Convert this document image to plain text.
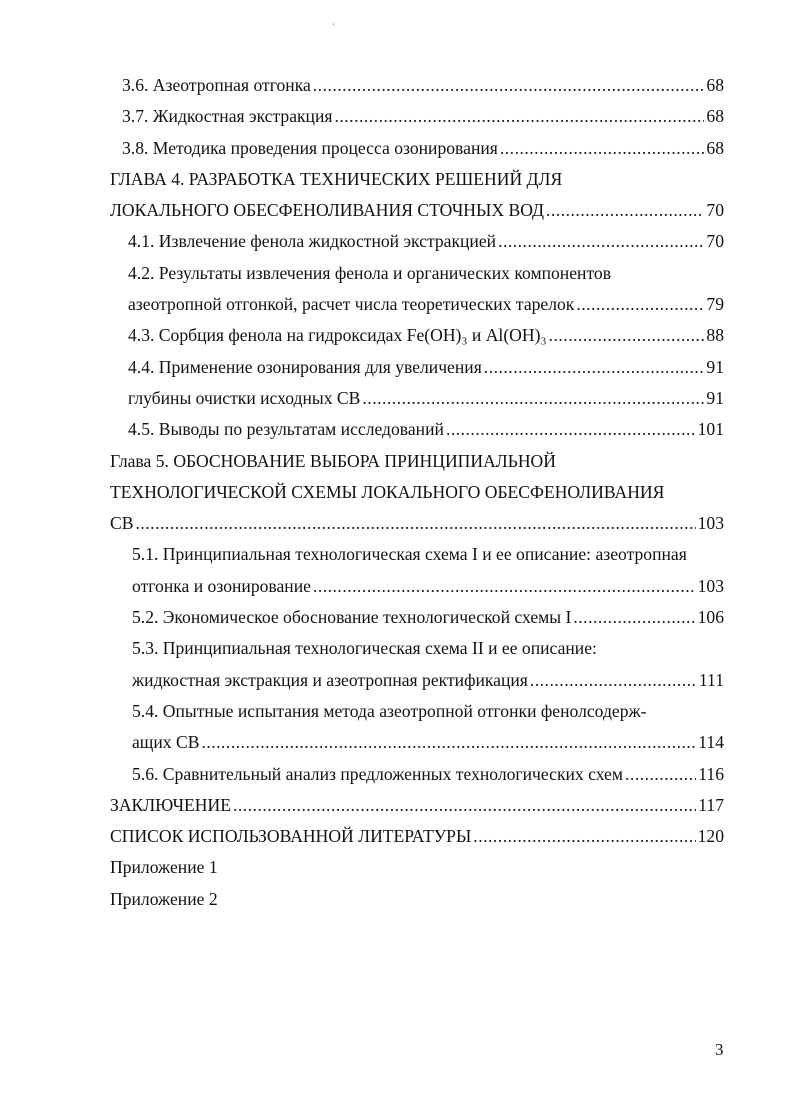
'
3.6. Азеотропная отгонка .....	68
3.7. Жидкостная экстракция .....	68
3.8. Методика проведения процесса озонирования .....	68
ГЛАВА 4. РАЗРАБОТКА ТЕХНИЧЕСКИХ РЕШЕНИЙ ДЛЯ
ЛОКАЛЬНОГО ОБЕСФЕНОЛИВАНИЯ СТОЧНЫХ ВОД .....	70
4.1. Извлечение фенола жидкостной экстракцией .....	70
4.2. Результаты извлечения фенола и органических компонентов
азеотропной отгонкой, расчет числа теоретических тарелок .....	79
4.3. Сорбция фенола на гидроксидах Fe(OH)₃ и Al(OH)₃ .....	88
4.4. Применение озонирования для увеличения .....	91
глубины очистки исходных СВ .....	91
4.5. Выводы по результатам исследований .....	101
Глава 5. ОБОСНОВАНИЕ ВЫБОРА ПРИНЦИПИАЛЬНОЙ
ТЕХНОЛОГИЧЕСКОЙ СХЕМЫ ЛОКАЛЬНОГО ОБЕСФЕНОЛИВАНИЯ
СВ .....	103
5.1. Принципиальная технологическая схема I и ее описание: азеотропная
отгонка и озонирование .....	103
5.2. Экономическое обоснование технологической схемы I .....	106
5.3. Принципиальная технологическая схема II и ее описание:
жидкостная экстракция и азеотропная ректификация .....	111
5.4. Опытные испытания метода азеотропной отгонки фенолсодерж-
ащих СВ .....	114
5.6. Сравнительный анализ предложенных технологических схем .....	116
ЗАКЛЮЧЕНИЕ .....	117
СПИСОК ИСПОЛЬЗОВАННОЙ ЛИТЕРАТУРЫ .....	120
Приложение 1
Приложение 2
3
